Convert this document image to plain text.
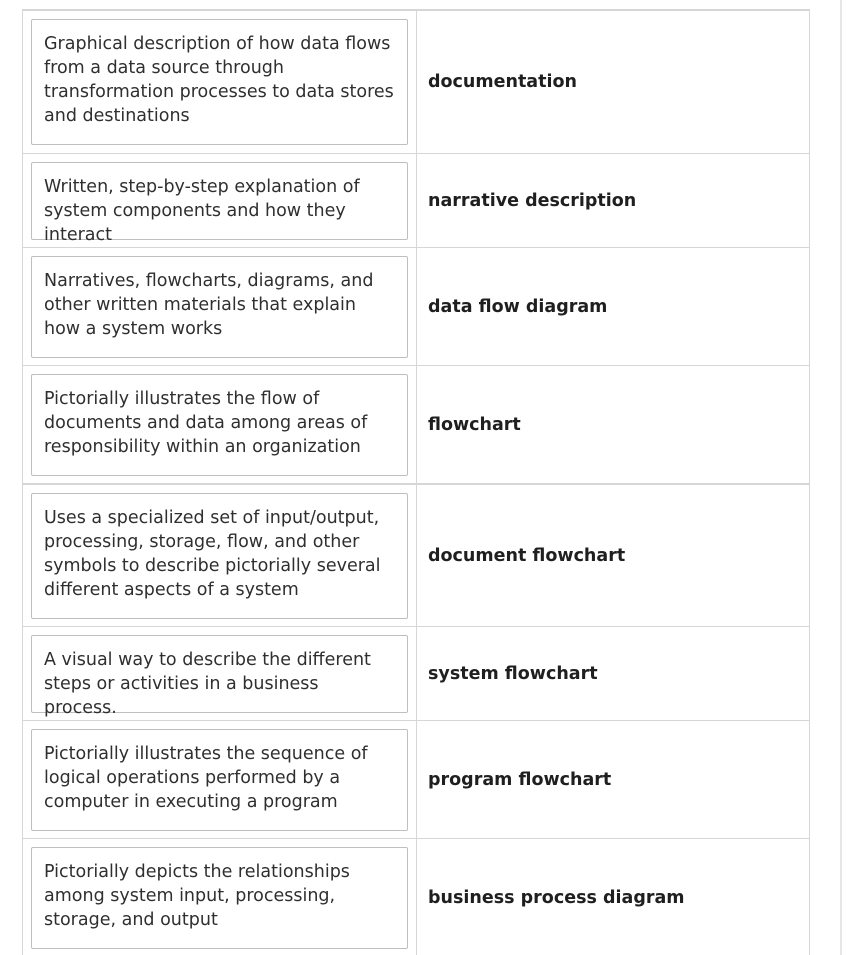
Graphical description of how data flows from a data source through transformation processes to data stores and destinations
documentation
Written, step-by-step explanation of system components and how they interact
narrative description
Narratives, flowcharts, diagrams, and other written materials that explain how a system works
data flow diagram
Pictorially illustrates the flow of documents and data among areas of responsibility within an organization
flowchart
Uses a specialized set of input/output, processing, storage, flow, and other symbols to describe pictorially several different aspects of a system
document flowchart
A visual way to describe the different steps or activities in a business process.
system flowchart
Pictorially illustrates the sequence of logical operations performed by a computer in executing a program
program flowchart
Pictorially depicts the relationships among system input, processing, storage, and output
business process diagram
